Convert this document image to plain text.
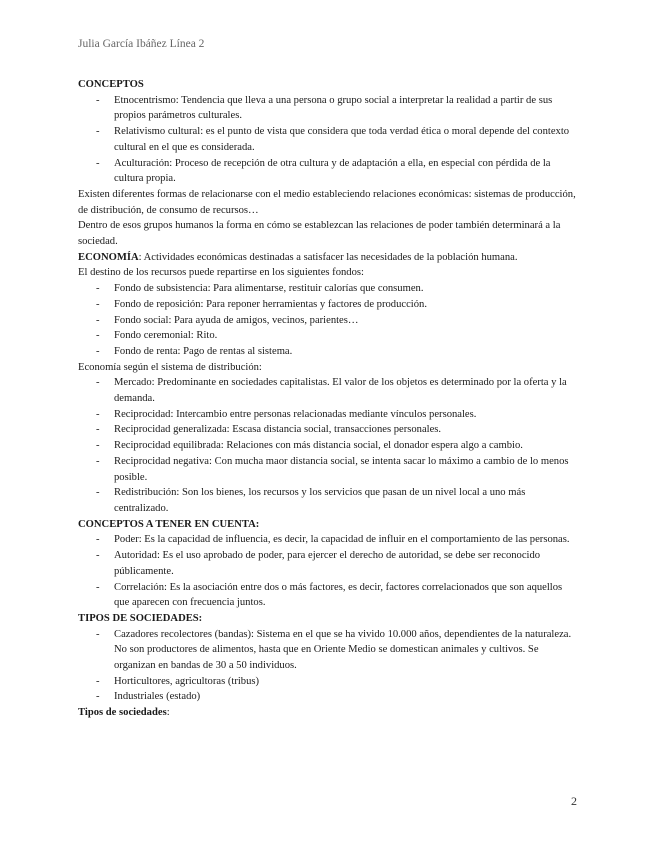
Julia García Ibáñez Línea 2

CONCEPTOS

- Etnocentrismo: Tendencia que lleva a una persona o grupo social a interpretar la realidad a partir de sus propios parámetros culturales.
- Relativismo cultural: es el punto de vista que considera que toda verdad ética o moral depende del contexto cultural en el que es considerada.
- Aculturación: Proceso de recepción de otra cultura y de adaptación a ella, en especial con pérdida de la cultura propia.

Existen diferentes formas de relacionarse con el medio estableciendo relaciones económicas: sistemas de producción, de distribución, de consumo de recursos…

Dentro de esos grupos humanos la forma en cómo se establezcan las relaciones de poder también determinará a la sociedad.

ECONOMÍA: Actividades económicas destinadas a satisfacer las necesidades de la población humana.

El destino de los recursos puede repartirse en los siguientes fondos:

- Fondo de subsistencia: Para alimentarse, restituir calorías que consumen.
- Fondo de reposición: Para reponer herramientas y factores de producción.
- Fondo social: Para ayuda de amigos, vecinos, parientes…
- Fondo ceremonial: Rito.
- Fondo de renta: Pago de rentas al sistema.

Economía según el sistema de distribución:

- Mercado: Predominante en sociedades capitalistas. El valor de los objetos es determinado por la oferta y la demanda.
- Reciprocidad: Intercambio entre personas relacionadas mediante vínculos personales.
- Reciprocidad generalizada: Escasa distancia social, transacciones personales.
- Reciprocidad equilibrada: Relaciones con más distancia social, el donador espera algo a cambio.
- Reciprocidad negativa: Con mucha maor distancia social, se intenta sacar lo máximo a cambio de lo menos posible.
- Redistribución: Son los bienes, los recursos y los servicios que pasan de un nivel local a uno más centralizado.

CONCEPTOS A TENER EN CUENTA:

- Poder: Es la capacidad de influencia, es decir, la capacidad de influir en el comportamiento de las personas.
- Autoridad: Es el uso aprobado de poder, para ejercer el derecho de autoridad, se debe ser reconocido públicamente.
- Correlación: Es la asociación entre dos o más factores, es decir, factores correlacionados que son aquellos que aparecen con frecuencia juntos.

TIPOS DE SOCIEDADES:

- Cazadores recolectores (bandas): Sistema en el que se ha vivido 10.000 años, dependientes de la naturaleza. No son productores de alimentos, hasta que en Oriente Medio se domestican animales y cultivos. Se organizan en bandas de 30 a 50 individuos.
- Horticultores, agricultoras (tribus)
- Industriales (estado)

Tipos de sociedades:

2
